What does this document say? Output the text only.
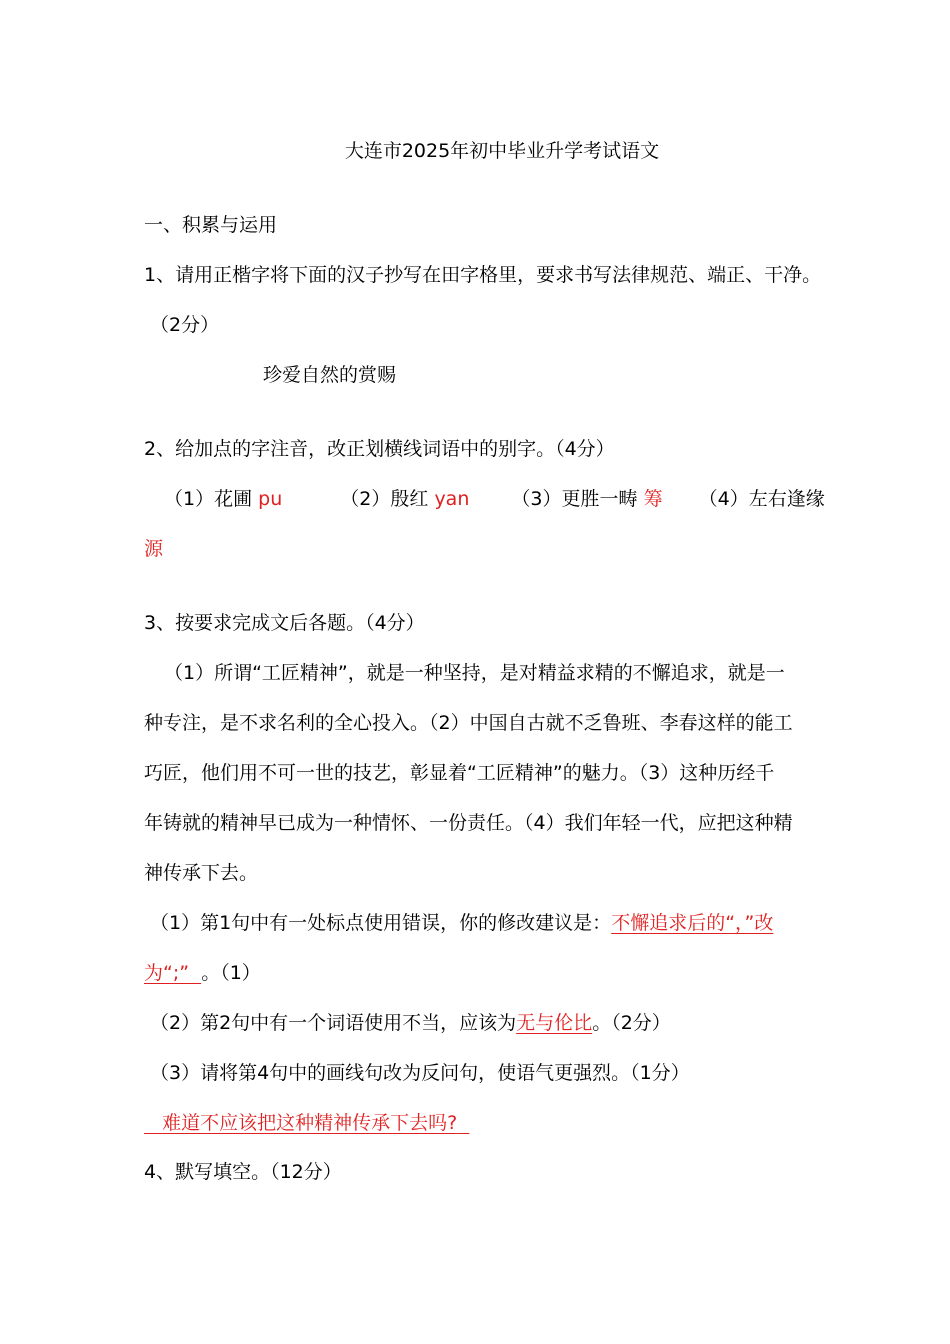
大连市2025年初中毕业升学考试语文
一、积累与运用
1、请用正楷字将下面的汉子抄写在田字格里，要求书写法律规范、端正、干净。
（2分）
珍爱自然的赏赐
2、给加点的字注音，改正划横线词语中的别字。（4分）
（1）花圃 pu	（2）殷红 yan （3）更胜一畴 筹 （4）左右逢缘
源
3、按要求完成文后各题。（4分）
（1）所谓“工匠精神”，就是一种坚持，是对精益求精的不懈追求，就是一
种专注，是不求名利的全心投入。（2）中国自古就不乏鲁班、李春这样的能工
巧匠，他们用不可一世的技艺，彰显着“工匠精神”的魅力。（3）这种历经千
年铸就的精神早已成为一种情怀、一份责任。（4）我们年轻一代，应把这种精
神传承下去。
（1）第1句中有一处标点使用错误，你的修改建议是：不懈追求后的“，”改
为“;” 。（1）
（2）第2句中有一个词语使用不当，应该为无与伦比。（2分）
（3）请将第4句中的画线句改为反问句，使语气更强烈。（1分）
难道不应该把这种精神传承下去吗?
4、默写填空。（12分）
